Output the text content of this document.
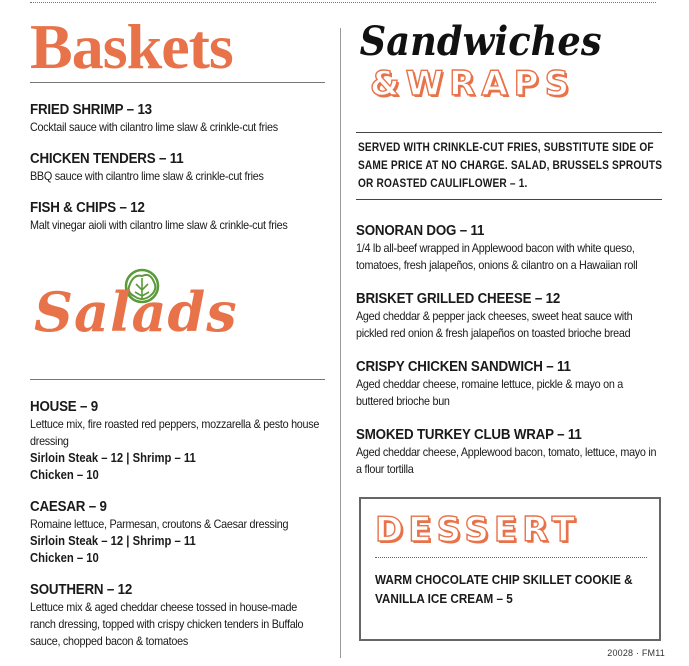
Baskets
FRIED SHRIMP – 13
Cocktail sauce with cilantro lime slaw & crinkle-cut fries
CHICKEN TENDERS – 11
BBQ sauce with cilantro lime slaw & crinkle-cut fries
FISH & CHIPS – 12
Malt vinegar aioli with cilantro lime slaw & crinkle-cut fries
Salads
HOUSE – 9
Lettuce mix, fire roasted red peppers, mozzarella & pesto house dressing
Sirloin Steak – 12 | Shrimp – 11
Chicken – 10
CAESAR – 9
Romaine lettuce, Parmesan, croutons & Caesar dressing
Sirloin Steak – 12 | Shrimp – 11
Chicken – 10
SOUTHERN – 12
Lettuce mix & aged cheddar cheese tossed in house-made ranch dressing, topped with crispy chicken tenders in Buffalo sauce, chopped bacon & tomatoes
Sandwiches
&WRAPS
SERVED WITH CRINKLE-CUT FRIES, SUBSTITUTE SIDE OF SAME PRICE AT NO CHARGE. SALAD, BRUSSELS SPROUTS OR ROASTED CAULIFLOWER – 1.
SONORAN DOG – 11
1/4 lb all-beef wrapped in Applewood bacon with white queso, tomatoes, fresh jalapeños, onions & cilantro on a Hawaiian roll
BRISKET GRILLED CHEESE – 12
Aged cheddar & pepper jack cheeses, sweet heat sauce with pickled red onion & fresh jalapeños on toasted brioche bread
CRISPY CHICKEN SANDWICH – 11
Aged cheddar cheese, romaine lettuce, pickle & mayo on a buttered brioche bun
SMOKED TURKEY CLUB WRAP – 11
Aged cheddar cheese, Applewood bacon, tomato, lettuce, mayo in a flour tortilla
DESSERT
WARM CHOCOLATE CHIP SKILLET COOKIE & VANILLA ICE CREAM – 5
20028 · FM11
